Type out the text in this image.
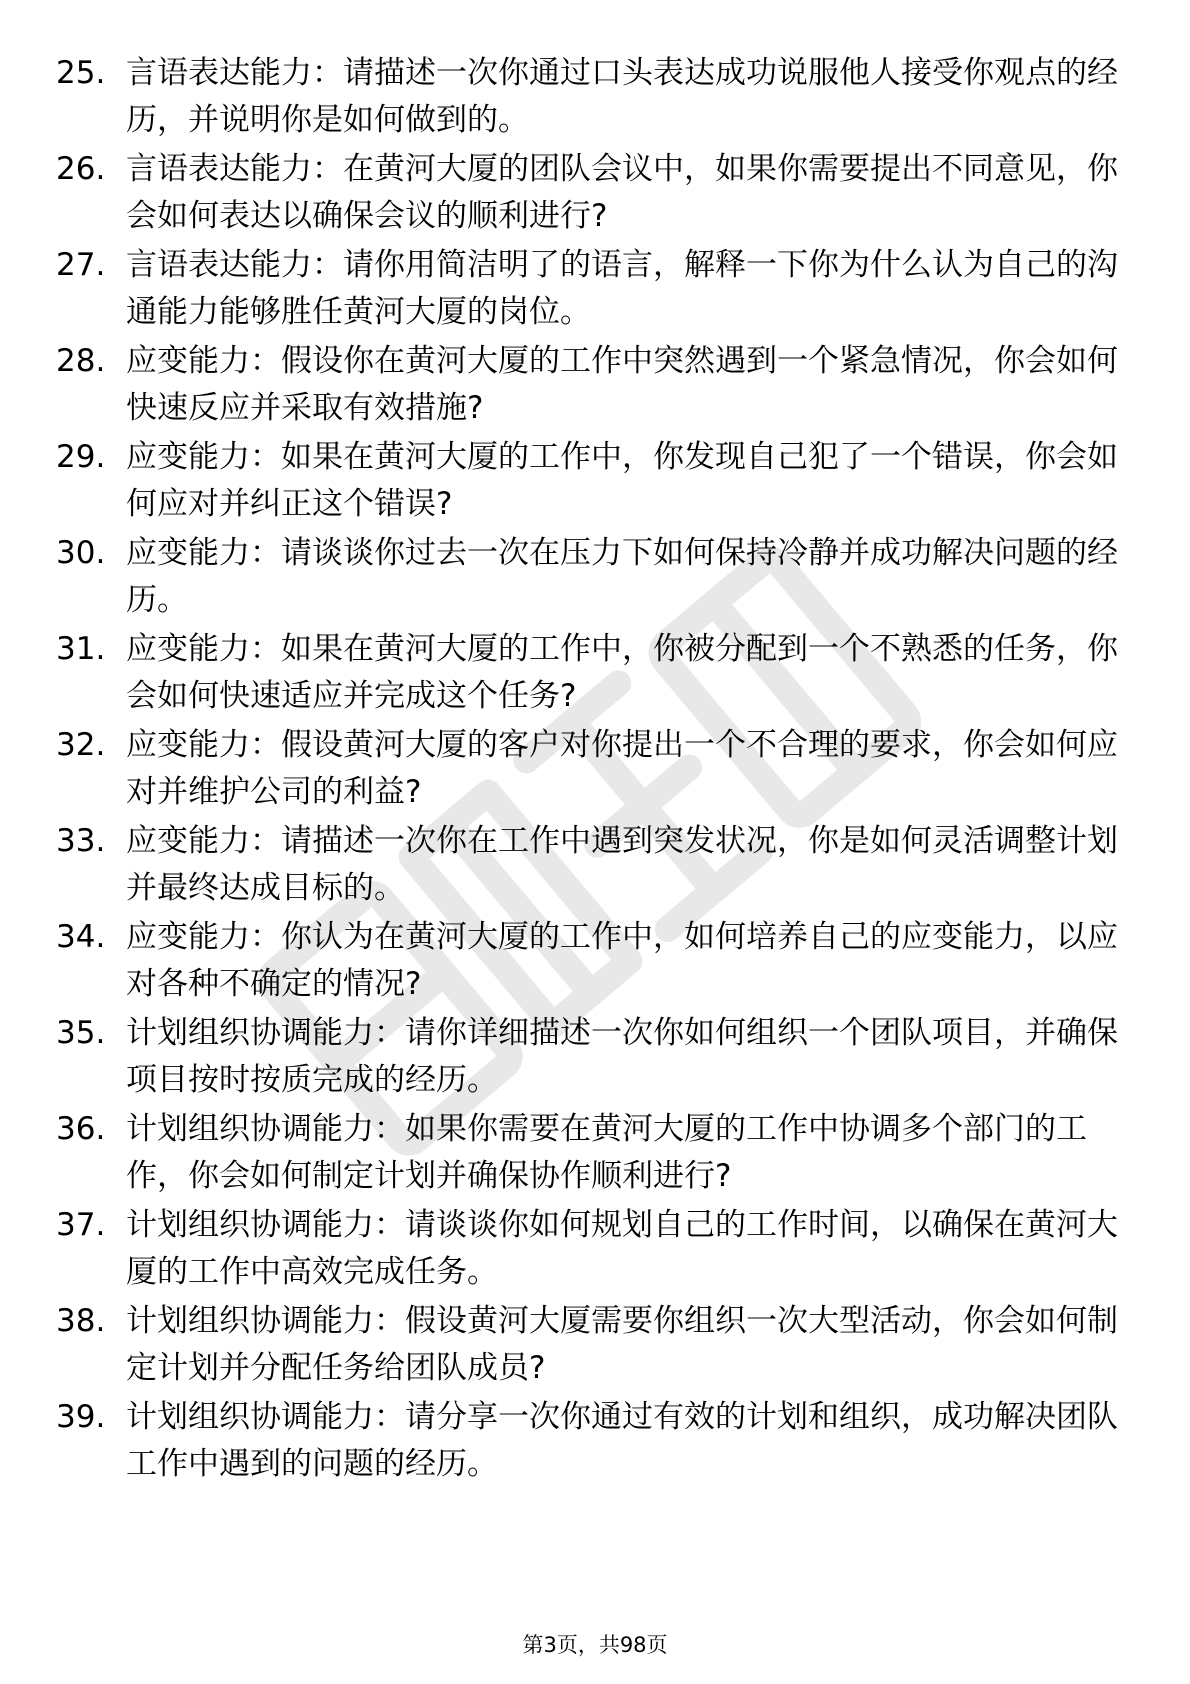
25. 言语表达能力：请描述一次你通过口头表达成功说服他人接受你观点的经历，并说明你是如何做到的。

26. 言语表达能力：在黄河大厦的团队会议中，如果你需要提出不同意见，你会如何表达以确保会议的顺利进行?

27. 言语表达能力：请你用简洁明了的语言，解释一下你为什么认为自己的沟通能力能够胜任黄河大厦的岗位。

28. 应变能力：假设你在黄河大厦的工作中突然遇到一个紧急情况，你会如何快速反应并采取有效措施?

29. 应变能力：如果在黄河大厦的工作中，你发现自己犯了一个错误，你会如何应对并纠正这个错误?

30. 应变能力：请谈谈你过去一次在压力下如何保持冷静并成功解决问题的经历。

31. 应变能力：如果在黄河大厦的工作中，你被分配到一个不熟悉的任务，你会如何快速适应并完成这个任务?

32. 应变能力：假设黄河大厦的客户对你提出一个不合理的要求，你会如何应对并维护公司的利益?

33. 应变能力：请描述一次你在工作中遇到突发状况，你是如何灵活调整计划并最终达成目标的。

34. 应变能力：你认为在黄河大厦的工作中，如何培养自己的应变能力，以应对各种不确定的情况?

35. 计划组织协调能力：请你详细描述一次你如何组织一个团队项目，并确保项目按时按质完成的经历。

36. 计划组织协调能力：如果你需要在黄河大厦的工作中协调多个部门的工作，你会如何制定计划并确保协作顺利进行?

37. 计划组织协调能力：请谈谈你如何规划自己的工作时间，以确保在黄河大厦的工作中高效完成任务。

38. 计划组织协调能力：假设黄河大厦需要你组织一次大型活动，你会如何制定计划并分配任务给团队成员?

39. 计划组织协调能力：请分享一次你通过有效的计划和组织，成功解决团队工作中遇到的问题的经历。

第3页，共98页
